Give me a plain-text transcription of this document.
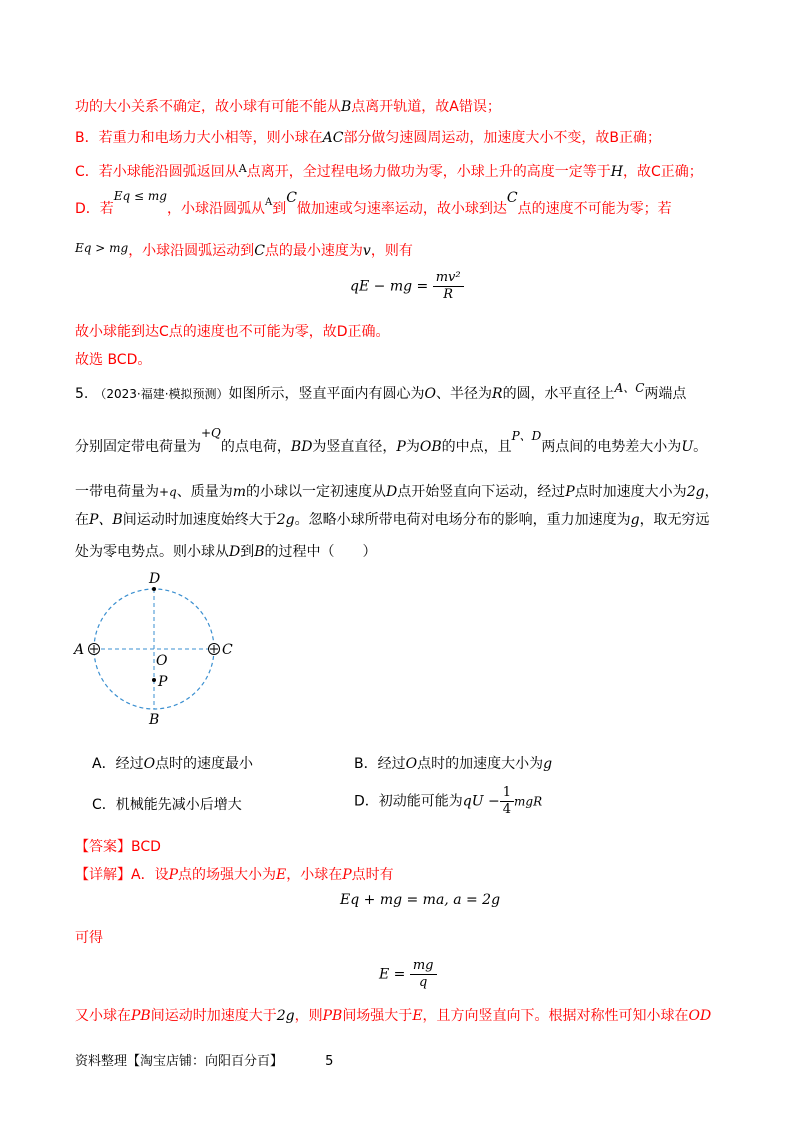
功的大小关系不确定，故小球有可能不能从B点离开轨道，故A错误；
B．若重力和电场力大小相等，则小球在AC部分做匀速圆周运动，加速度大小不变，故B正确；
C．若小球能沿圆弧返回从$^A$点离开，全过程电场力做功为零，小球上升的高度一定等于H，故C正确；
D．若Eq ≤ mg，小球沿圆弧从$^A$到C做加速或匀速率运动，故小球到达C点的速度不可能为零；若
Eq > mg，小球沿圆弧运动到C点的最小速度为v，则有
qE − mg = $\frac{\text{mv²}}{R}$
故小球能到达C点的速度也不可能为零，故D正确。
故选 BCD。
5. （2023·福建·模拟预测）如图所示，竖直平面内有圆心为O、半径为R的圆，水平直径上A、C两端点
分别固定带电荷量为+Q的点电荷，BD为竖直直径，P为OB的中点，且P、D两点间的电势差大小为U。
一带电荷量为+q、质量为m的小球以一定初速度从D点开始竖直向下运动，经过P点时加速度大小为2g，
在P、B间运动时加速度始终大于2g。忽略小球所带电荷对电场分布的影响，重力加速度为g，取无穷远
处为零电势点。则小球从D到B的过程中（　　）
D
A	C
O
P
B
A．经过O点时的速度最小	B．经过O点时的加速度大小为g
C．机械能先减小后增大	D．初动能可能为qU − $\frac{1}{4}$ mgR
【答案】BCD
【详解】A．设P点的场强大小为E，小球在P点时有
Eq + mg = ma, a = 2g
可得
$E = \frac{mg}{q}$
又小球在PB间运动时加速度大于2g，则PB间场强大于E，且方向竖直向下。根据对称性可知小球在OD
资料整理【淘宝店铺：向阳百分百】	5
